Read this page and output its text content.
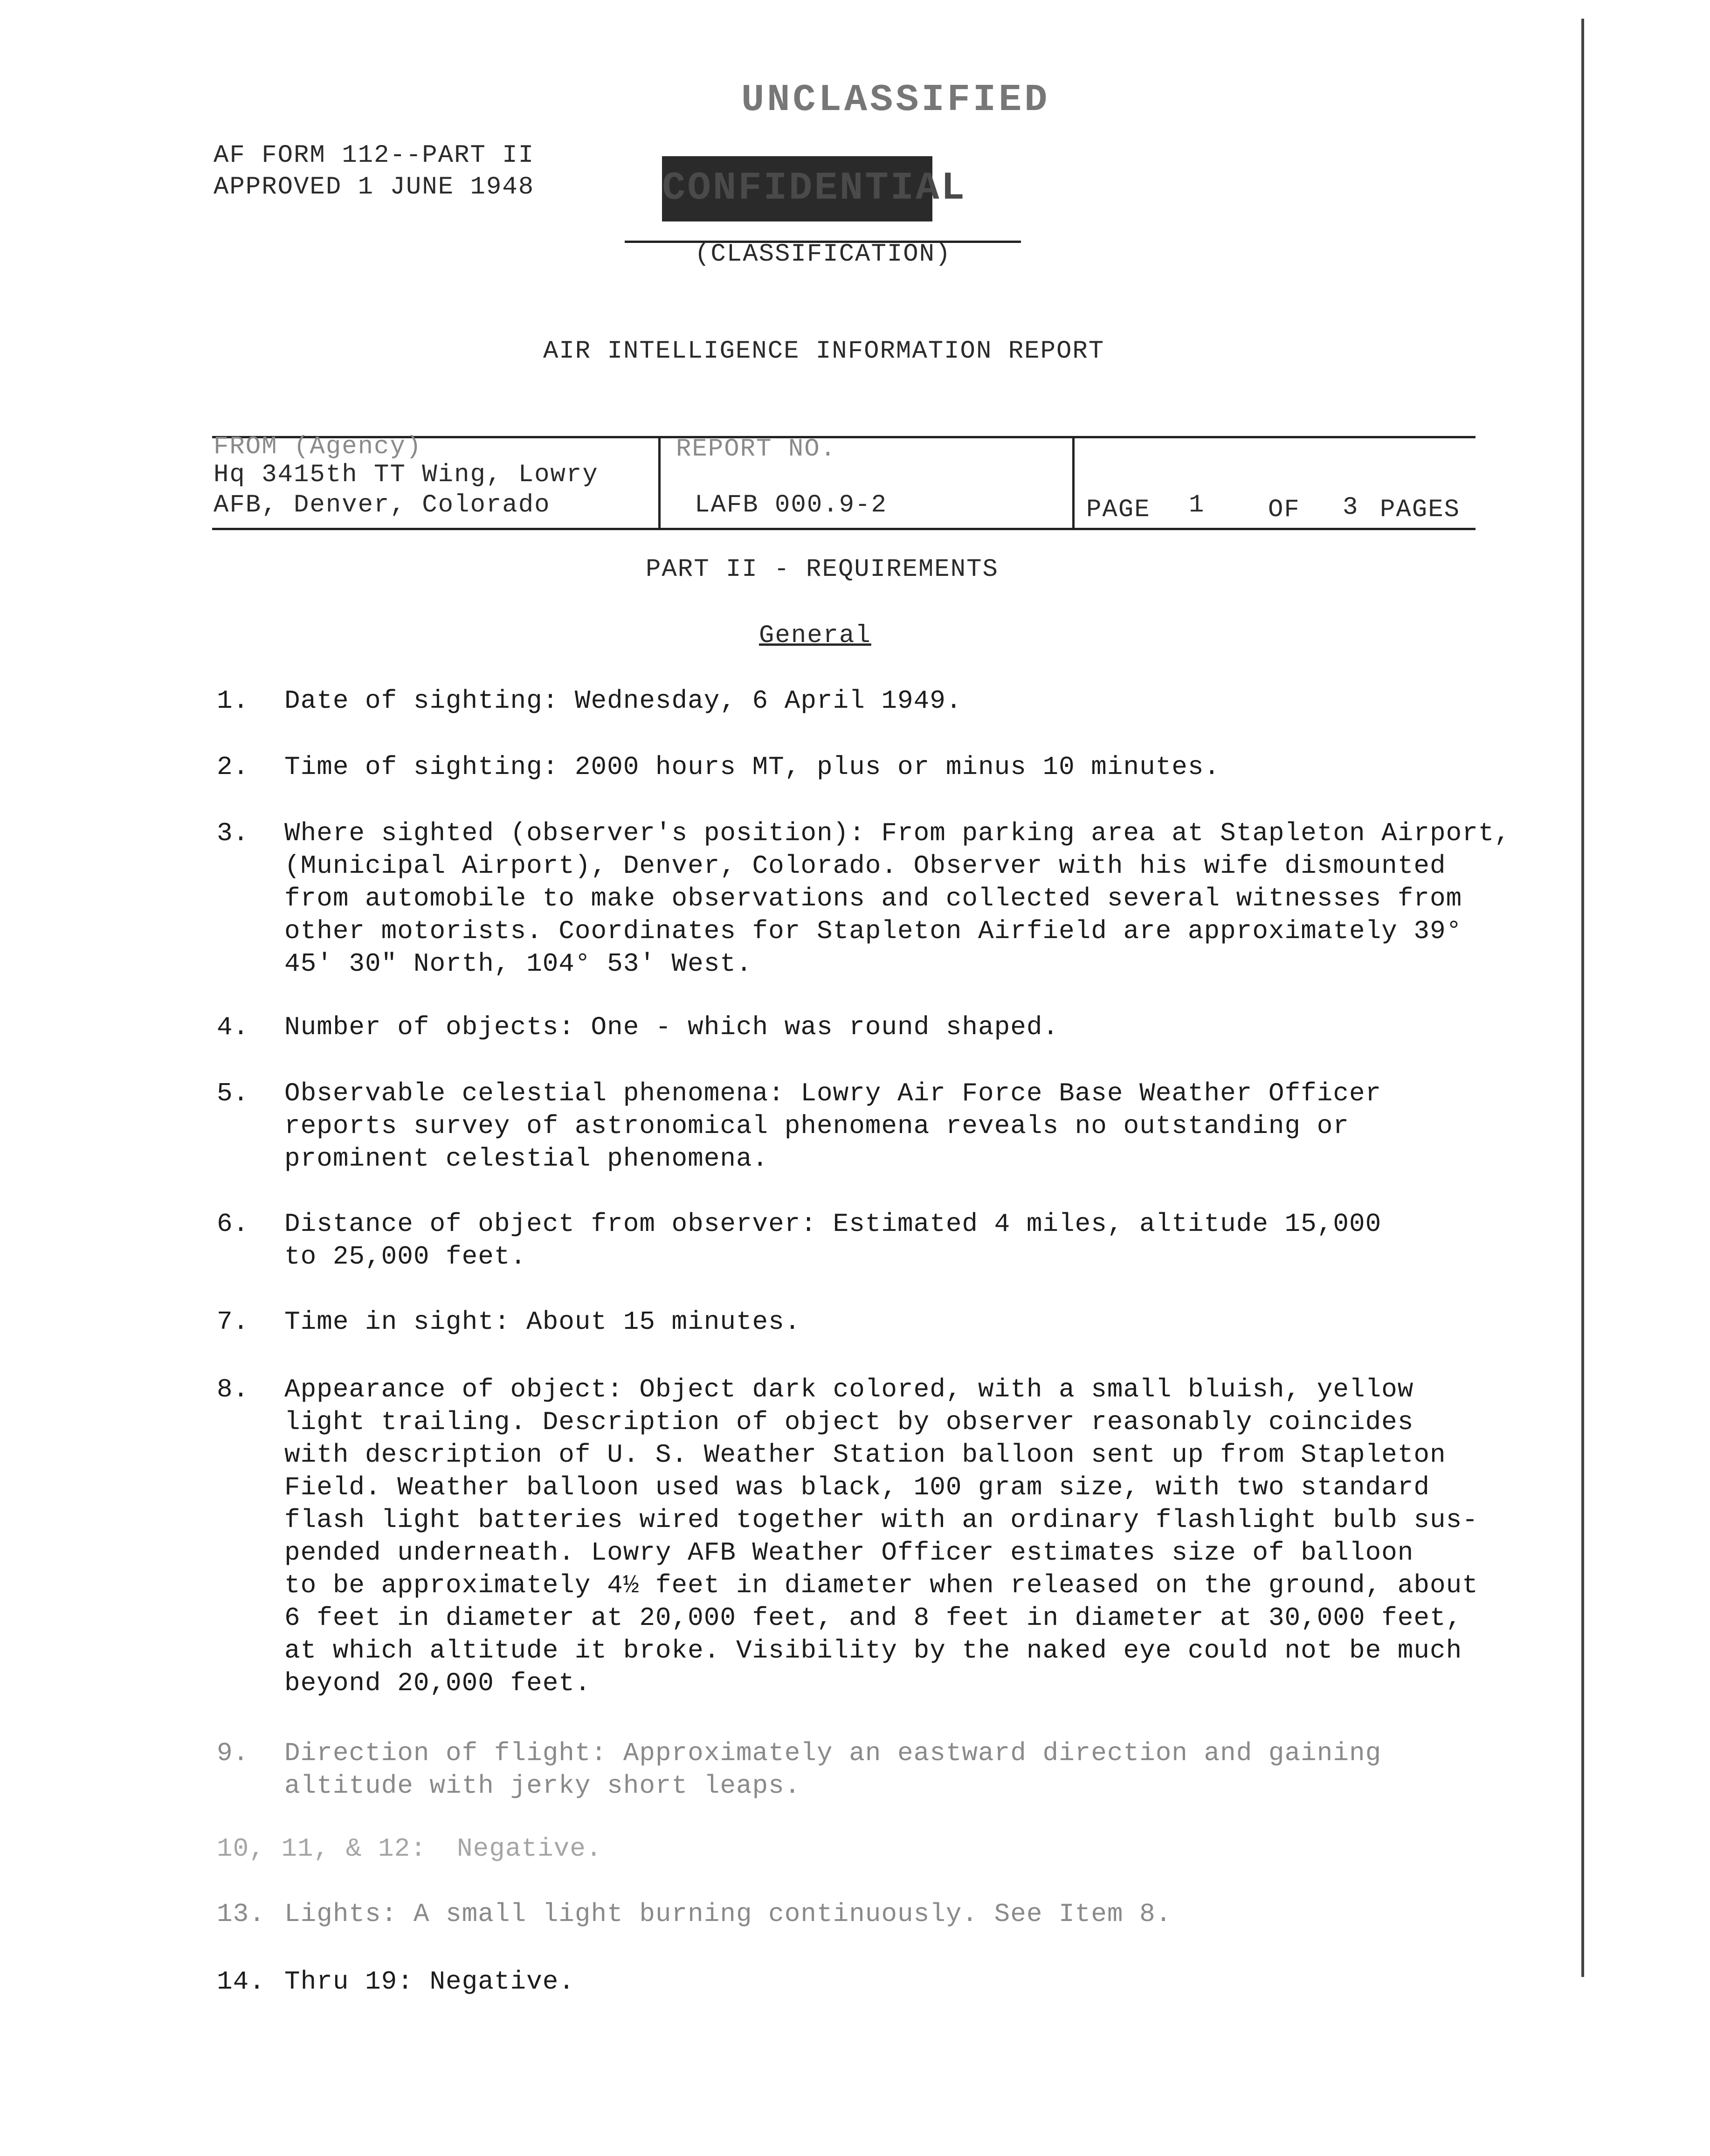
AF FORM 112--PART II
APPROVED 1 JUNE 1948
UNCLASSIFIED
CONFIDENTIAL
(CLASSIFICATION)
AIR INTELLIGENCE INFORMATION REPORT
FROM (Agency)
Hq 3415th TT Wing, Lowry
AFB, Denver, Colorado
REPORT NO.
LAFB 000.9-2	PAGE 1	OF 3 PAGES
PART II - REQUIREMENTS
General
1. Date of sighting: Wednesday, 6 April 1949.
2. Time of sighting: 2000 hours MT, plus or minus 10 minutes.
3. Where sighted (observer's position): From parking area at Stapleton Airport,
(Municipal Airport), Denver, Colorado. Observer with his wife dismounted
from automobile to make observations and collected several witnesses from
other motorists. Coordinates for Stapleton Airfield are approximately 39°
45' 30" North, 104° 53' West.
4. Number of objects: One - which was round shaped.
5. Observable celestial phenomena: Lowry Air Force Base Weather Officer
reports survey of astronomical phenomena reveals no outstanding or
prominent celestial phenomena.
6. Distance of object from observer: Estimated 4 miles, altitude 15,000
to 25,000 feet.
7. Time in sight: About 15 minutes.
8. Appearance of object: Object dark colored, with a small bluish, yellow
light trailing. Description of object by observer reasonably coincides
with description of U. S. Weather Station balloon sent up from Stapleton
Field. Weather balloon used was black, 100 gram size, with two standard
flash light batteries wired together with an ordinary flashlight bulb sus-
pended underneath. Lowry AFB Weather Officer estimates size of balloon
to be approximately 4½ feet in diameter when released on the ground, about
6 feet in diameter at 20,000 feet, and 8 feet in diameter at 30,000 feet,
at which altitude it broke. Visibility by the naked eye could not be much
beyond 20,000 feet.
9. Direction of flight: Approximately an eastward direction and gaining
altitude with jerky short leaps.
10, 11, & 12: Negative.
13. Lights: A small light burning continuously. See Item 8.
14. Thru 19: Negative.
